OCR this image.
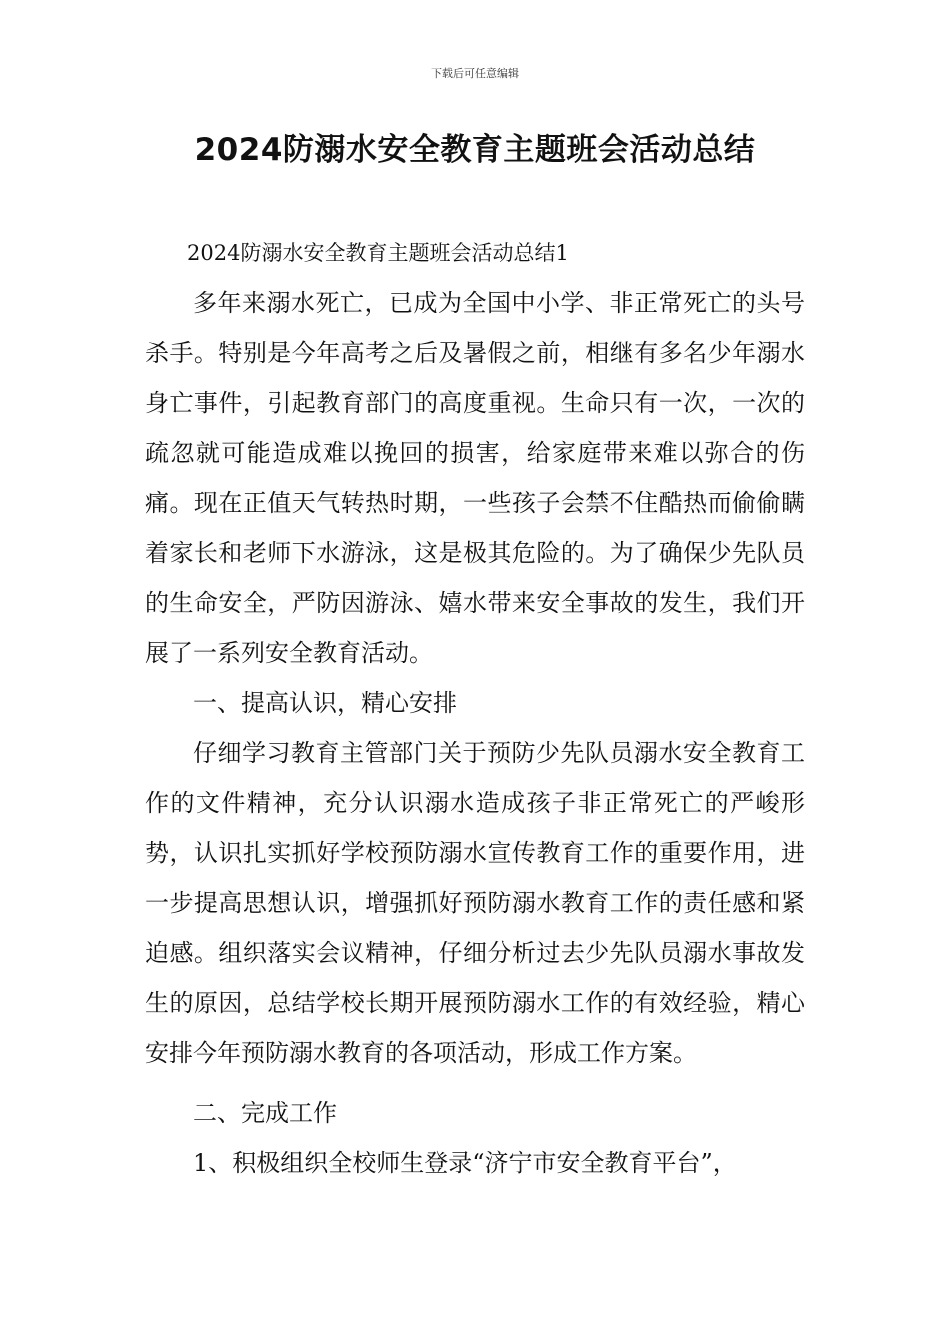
下载后可任意编辑
2024防溺水安全教育主题班会活动总结

2024防溺水安全教育主题班会活动总结1

多年来溺水死亡，已成为全国中小学、非正常死亡的头号杀手。特别是今年高考之后及暑假之前，相继有多名少年溺水身亡事件，引起教育部门的高度重视。生命只有一次，一次的疏忽就可能造成难以挽回的损害，给家庭带来难以弥合的伤痛。现在正值天气转热时期，一些孩子会禁不住酷热而偷偷瞒着家长和老师下水游泳，这是极其危险的。为了确保少先队员的生命安全，严防因游泳、嬉水带来安全事故的发生，我们开展了一系列安全教育活动。

一、提高认识，精心安排

仔细学习教育主管部门关于预防少先队员溺水安全教育工作的文件精神，充分认识溺水造成孩子非正常死亡的严峻形势，认识扎实抓好学校预防溺水宣传教育工作的重要作用，进一步提高思想认识，增强抓好预防溺水教育工作的责任感和紧迫感。组织落实会议精神，仔细分析过去少先队员溺水事故发生的原因，总结学校长期开展预防溺水工作的有效经验，精心安排今年预防溺水教育的各项活动，形成工作方案。

二、完成工作

1、积极组织全校师生登录“济宁市安全教育平台”，
